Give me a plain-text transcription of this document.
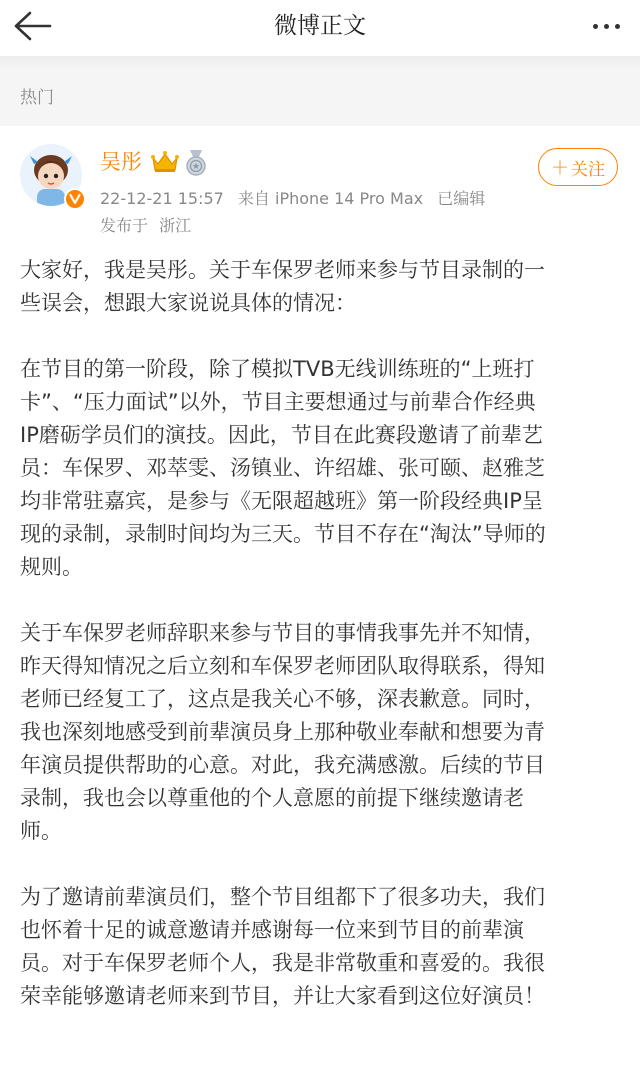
微博正文
热门
吴彤
22-12-21 15:57 来自 iPhone 14 Pro Max 已编辑
发布于 浙江
＋ 关注

大家好，我是吴彤。关于车保罗老师来参与节目录制的一
些误会，想跟大家说说具体的情况：

在节目的第一阶段，除了模拟TVB无线训练班的“上班打
卡”、“压力面试”以外，节目主要想通过与前辈合作经典
IP磨砺学员们的演技。因此，节目在此赛段邀请了前辈艺
员：车保罗、邓萃雯、汤镇业、许绍雄、张可颐、赵雅芝
均非常驻嘉宾，是参与《无限超越班》第一阶段经典IP呈
现的录制，录制时间均为三天。节目不存在“淘汰”导师的
规则。

关于车保罗老师辞职来参与节目的事情我事先并不知情，
昨天得知情况之后立刻和车保罗老师团队取得联系，得知
老师已经复工了，这点是我关心不够，深表歉意。同时，
我也深刻地感受到前辈演员身上那种敬业奉献和想要为青
年演员提供帮助的心意。对此，我充满感激。后续的节目
录制，我也会以尊重他的个人意愿的前提下继续邀请老
师。

为了邀请前辈演员们，整个节目组都下了很多功夫，我们
也怀着十足的诚意邀请并感谢每一位来到节目的前辈演
员。对于车保罗老师个人，我是非常敬重和喜爱的。我很
荣幸能够邀请老师来到节目，并让大家看到这位好演员！
